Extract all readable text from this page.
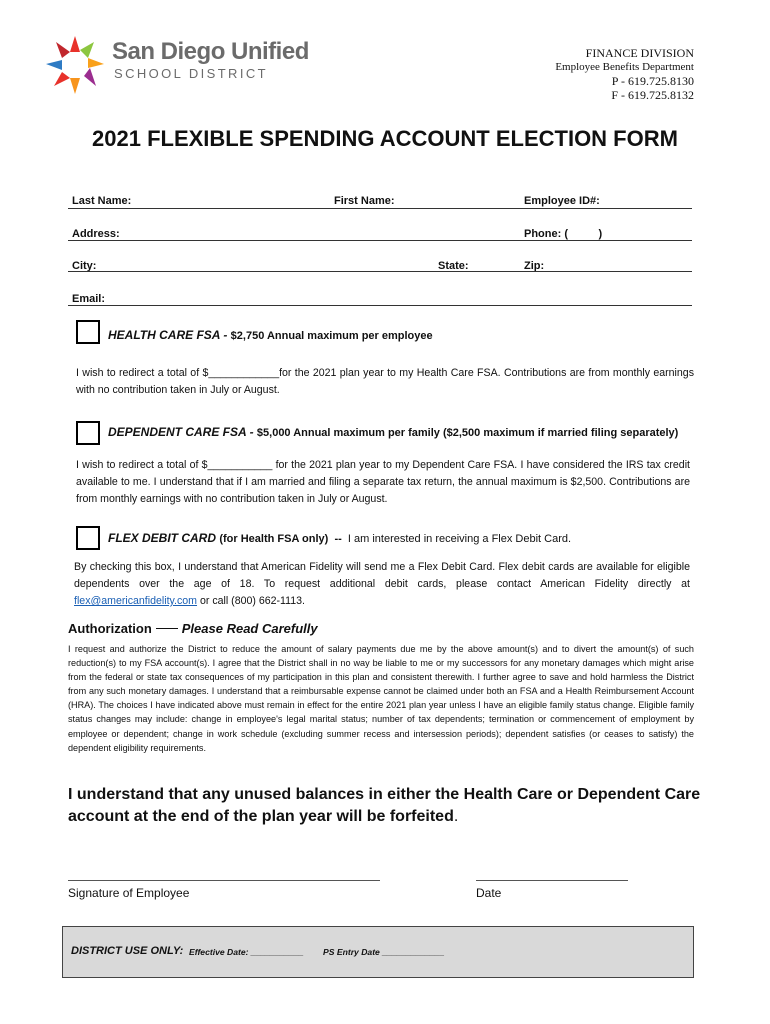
San Diego Unified
SCHOOL DISTRICT
FINANCE DIVISION
Employee Benefits Department
P - 619.725.8130
F - 619.725.8132
2021 FLEXIBLE SPENDING ACCOUNT ELECTION FORM
Last Name:	First Name:	Employee ID#:
Address:	Phone: (          )
City:	State:	Zip:
Email:
HEALTH CARE FSA - $2,750 Annual maximum per employee
I wish to redirect a total of $____________for the 2021 plan year to my Health Care FSA. Contributions are from monthly earnings with no contribution taken in July or August.
DEPENDENT CARE FSA - $5,000 Annual maximum per family ($2,500 maximum if married filing separately)
I wish to redirect a total of $___________ for the 2021 plan year to my Dependent Care FSA. I have considered the IRS tax credit available to me. I understand that if I am married and filing a separate tax return, the annual maximum is $2,500. Contributions are from monthly earnings with no contribution taken in July or August.
FLEX DEBIT CARD (for Health FSA only)  --  I am interested in receiving a Flex Debit Card.
By checking this box, I understand that American Fidelity will send me a Flex Debit Card. Flex debit cards are available for eligible dependents over the age of 18. To request additional debit cards, please contact American Fidelity directly at flex@americanfidelity.com or call (800) 662-1113.
Authorization Please Read Carefully
I request and authorize the District to reduce the amount of salary payments due me by the above amount(s) and to divert the amount(s) of such reduction(s) to my FSA account(s). I agree that the District shall in no way be liable to me or my successors for any monetary damages which might arise from the federal or state tax consequences of my participation in this plan and consistent therewith. I further agree to save and hold harmless the District from any such monetary damages. I understand that a reimbursable expense cannot be claimed under both an FSA and a Health Reimbursement Account (HRA). The choices I have indicated above must remain in effect for the entire 2021 plan year unless I have an eligible family status change. Eligible family status changes may include: change in employee's legal marital status; number of tax dependents; termination or commencement of employment by employee or dependent; change in work schedule (excluding summer recess and intersession periods); dependent satisfies (or ceases to satisfy) the dependent eligibility requirements.
I understand that any unused balances in either the Health Care or Dependent Care account at the end of the plan year will be forfeited.
Signature of Employee	Date
DISTRICT USE ONLY: Effective Date: ___________ PS Entry Date _____________
